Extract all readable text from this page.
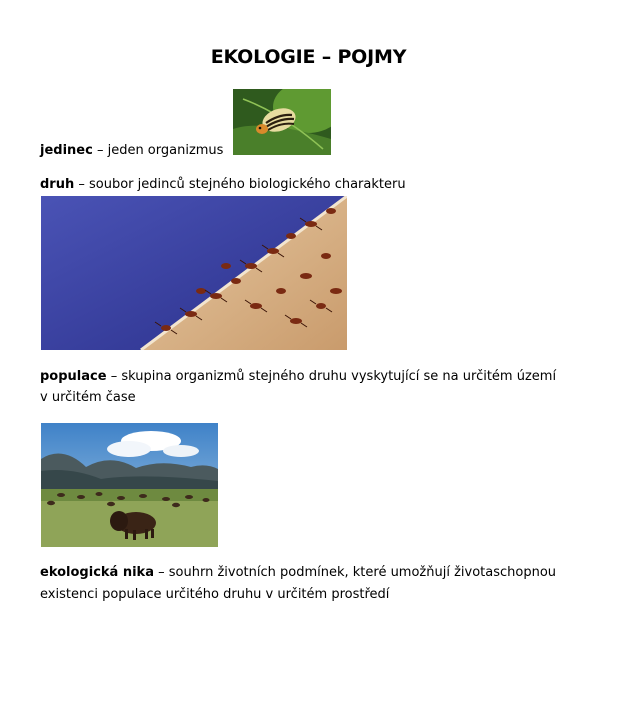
EKOLOGIE – POJMY
jedinec – jeden organizmus
druh – soubor jedinců stejného biologického charakteru
populace – skupina organizmů stejného druhu vyskytující se na určitém území
v určitém čase
ekologická nika – souhrn životních podmínek, které umožňují životaschopnou
existenci populace určitého druhu v určitém prostředí
